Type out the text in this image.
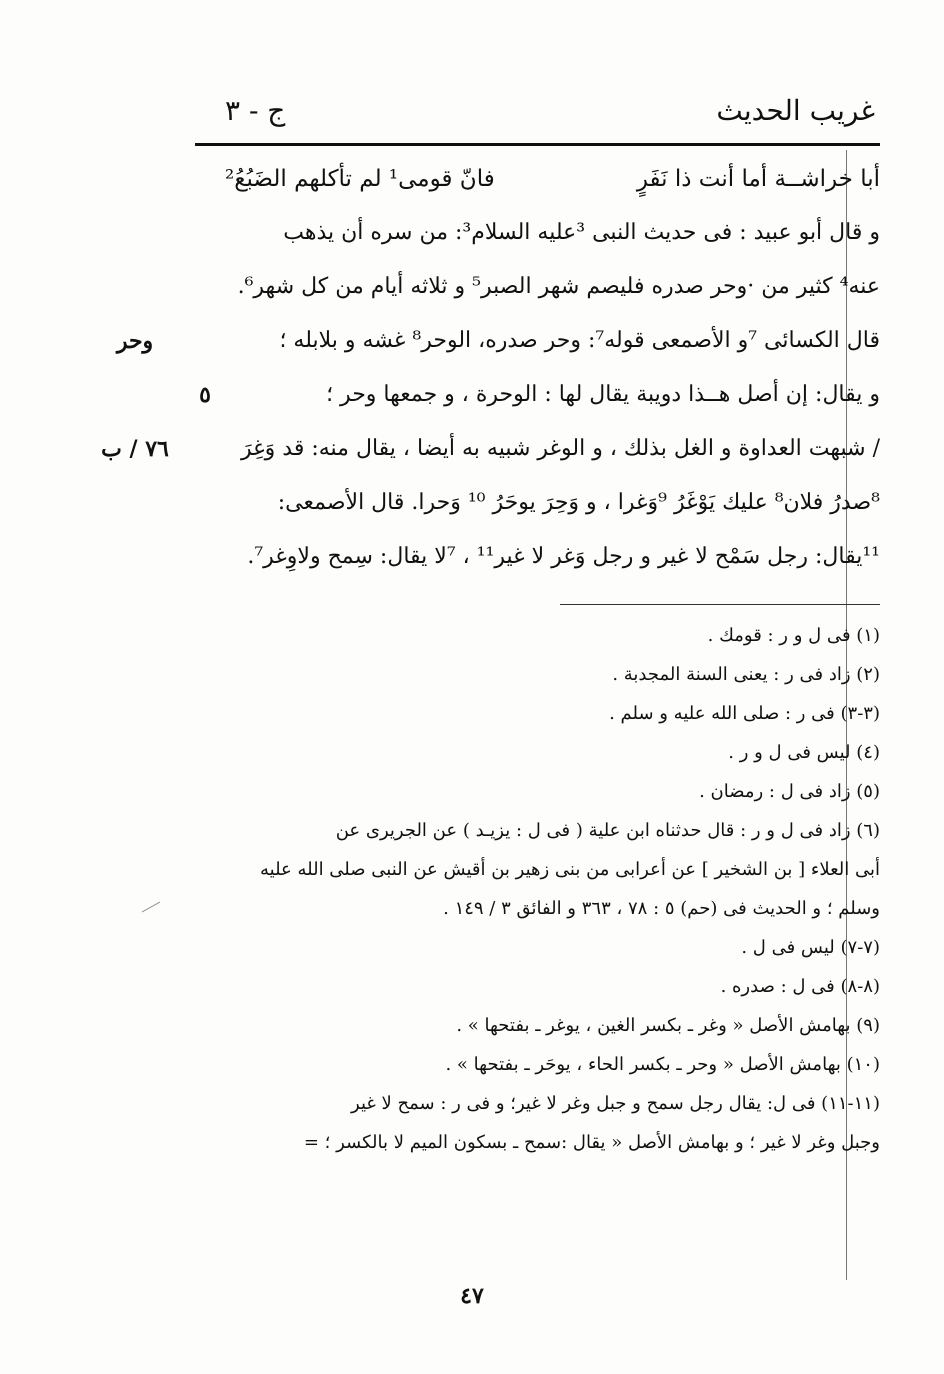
غريب الحديث
ج - ٣
أبا خراشــة أما أنت ذا نَفَرٍ
فانّ قومى¹ لم تأكلهم الضَبُعُ²
و قال أبو عبيد : فى حديث النبى ³عليه السلام³: من سره أن يذهب
عنه⁴ كثير من ·وحر صدره فليصم شهر الصبر⁵ و ثلاثه أيام من كل شهر⁶.
قال الكسائى ⁷و الأصمعى قوله⁷: وحر صدره، الوحر⁸ غشه و بلابله ؛
و يقال: إن أصل هــذا دويبة يقال لها : الوحرة ، و جمعها وحر ؛
/ شبهت العداوة و الغل بذلك ، و الوغر شبيه به أيضا ، يقال منه: قد وَغِرَ
⁸صدرُ فلان⁸ عليك يَوْغَرُ ⁹وَغرا ، و وَحِرَ يوحَرُ ¹⁰ وَحرا. قال الأصمعى:
¹¹يقال: رجل سَمْح لا غير و رجل وَغر لا غير¹¹ ، ⁷لا يقال: سِمح ولاوِغر⁷.
وحر
٥
٧٦ / ب
(١) فى ل و ر : قومك .
(٢) زاد فى ر : يعنى السنة المجدبة .
(٣-٣) فى ر : صلى الله عليه و سلم .
(٤) ليس فى ل و ر .
(٥) زاد فى ل : رمضان .
(٦) زاد فى ل و ر : قال حدثناه ابن علية ( فى ل : يزيـد ) عن الجريرى عن
أبى العلاء [ بن الشخير ] عن أعرابى من بنى زهير بن أقيش عن النبى صلى الله عليه
وسلم ؛ و الحديث فى (حم) ٥ : ٧٨ ، ٣٦٣ و الفائق ٣ / ١٤٩ .
(٧-٧) ليس فى ل .
(٨-٨) فى ل : صدره .
(٩) بهامش الأصل « وغر ـ بكسر الغين ، يوغر ـ بفتحها » .
(١٠) بهامش الأصل « وحر ـ بكسر الحاء ، يوحَر ـ بفتحها » .
(١١-١١) فى ل: يقال رجل سمح و جبل وغر لا غير؛ و فى ر : سمح لا غير
وجبل وغر لا غير ؛ و بهامش الأصل « يقال :سمح ـ بسكون الميم لا بالكسر ؛ =
٤٧
